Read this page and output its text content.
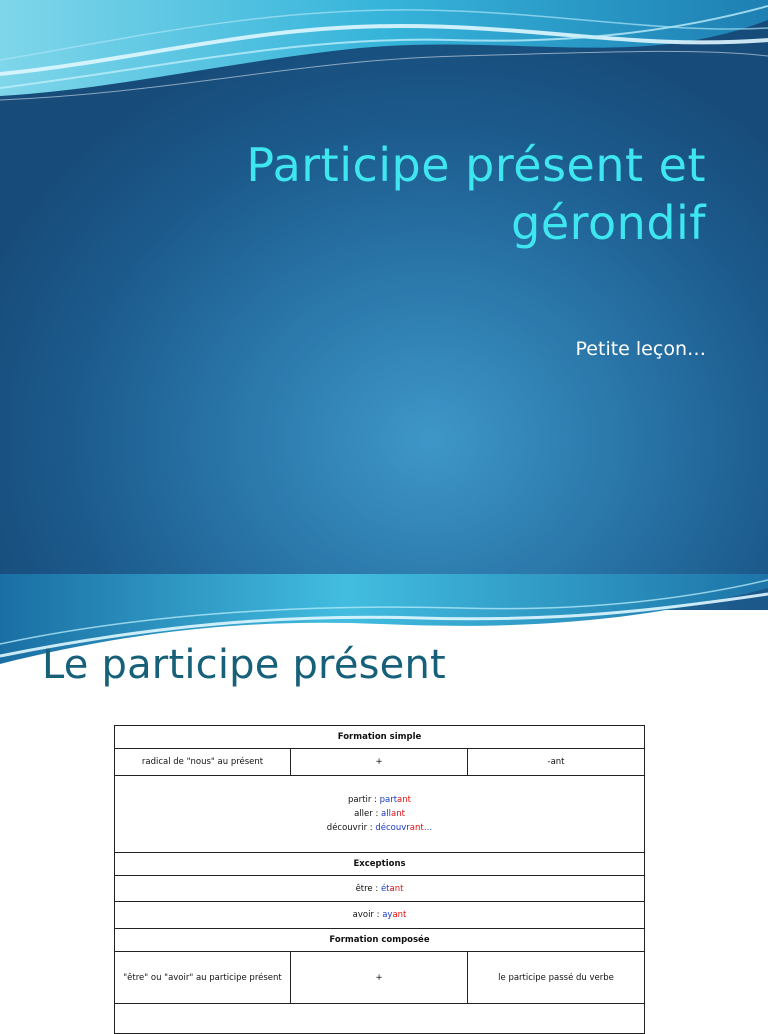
Participe présent et
gérondif

Petite leçon…

Le participe présent
Formation simple		
radical de "nous" au présent	+	-ant

partir : partant
aller : allant
découvrir : découvrant…		

Exceptions		
être : étant		
avoir : ayant		
Formation composée		
"être" ou "avoir" au participe présent	+	le participe passé du verbe
